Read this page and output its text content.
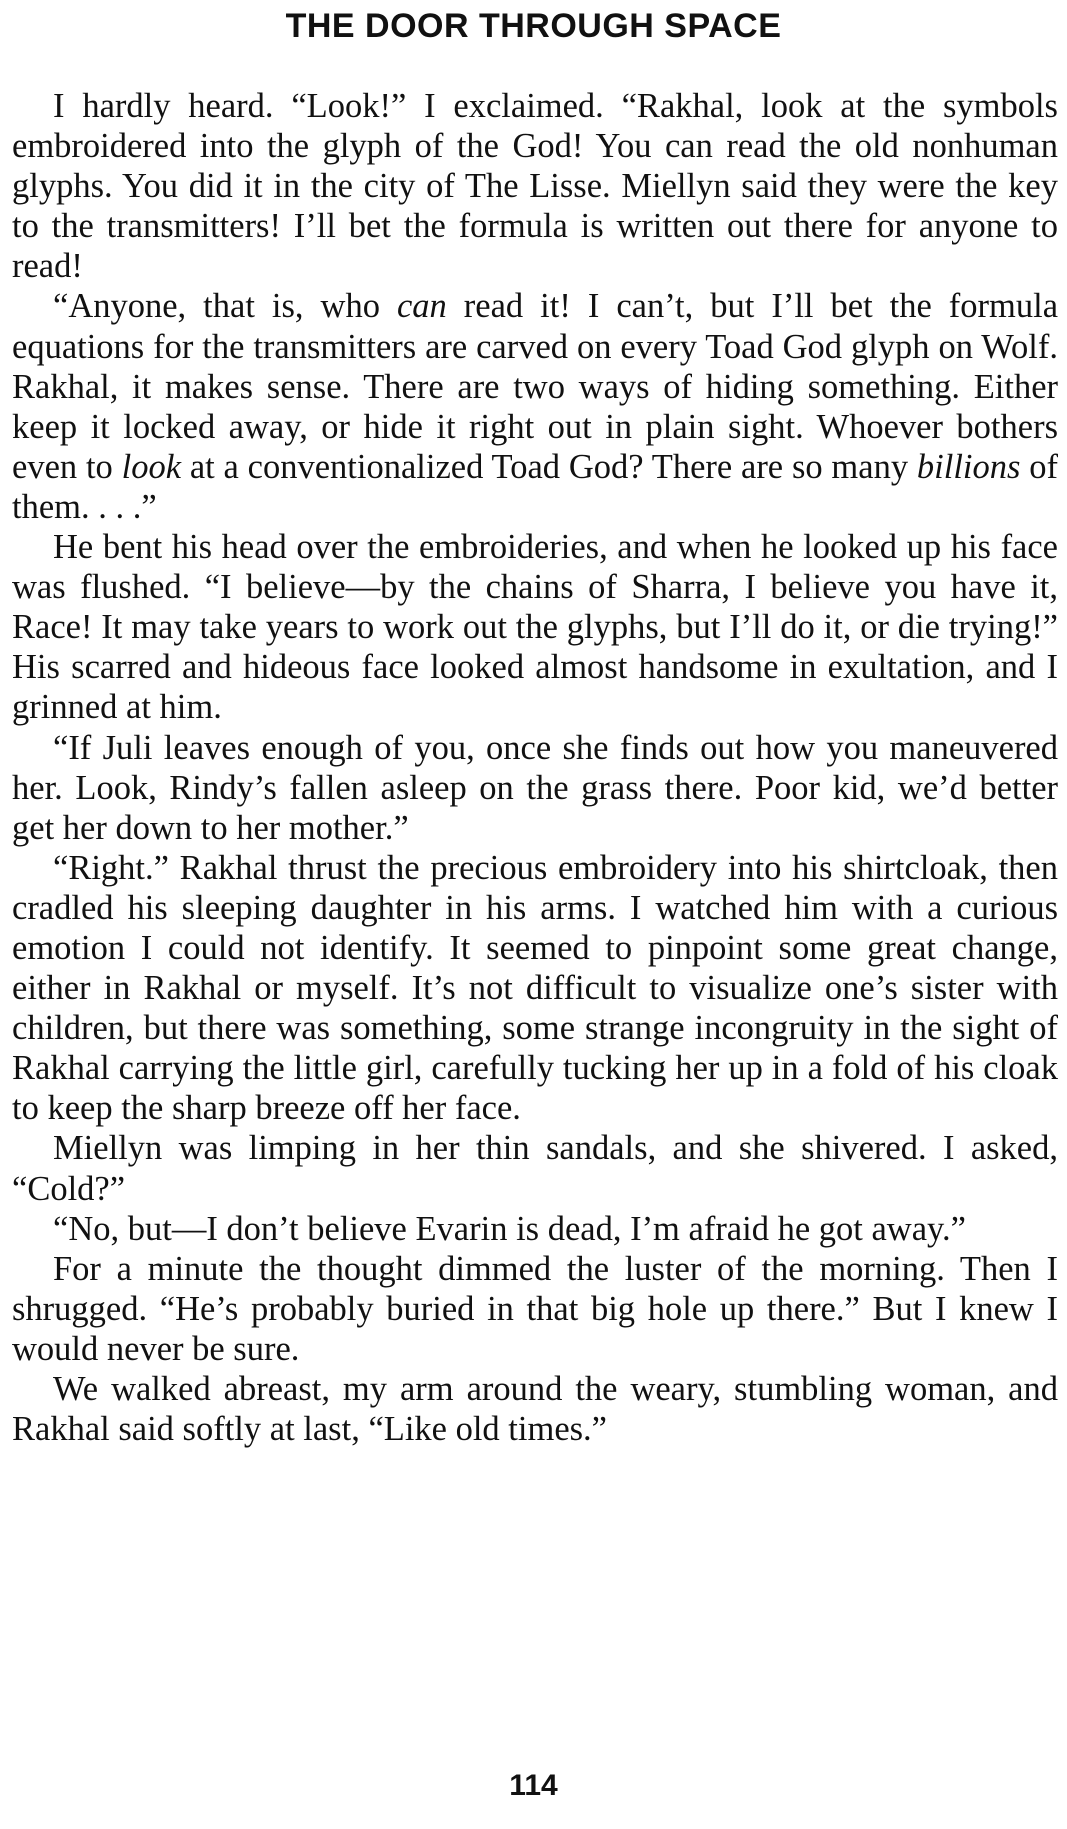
THE DOOR THROUGH SPACE

I hardly heard. “Look!” I exclaimed. “Rakhal, look at the symbols embroidered into the glyph of the God! You can read the old nonhuman glyphs. You did it in the city of The Lisse. Miellyn said they were the key to the transmitters! I’ll bet the formula is written out there for anyone to read!

“Anyone, that is, who can read it! I can’t, but I’ll bet the formula equations for the transmitters are carved on every Toad God glyph on Wolf. Rakhal, it makes sense. There are two ways of hiding something. Either keep it locked away, or hide it right out in plain sight. Whoever bothers even to look at a conventionalized Toad God? There are so many billions of them. . . .”

He bent his head over the embroideries, and when he looked up his face was flushed. “I believe—by the chains of Sharra, I believe you have it, Race! It may take years to work out the glyphs, but I’ll do it, or die trying!” His scarred and hideous face looked almost handsome in exultation, and I grinned at him.

“If Juli leaves enough of you, once she finds out how you maneuvered her. Look, Rindy’s fallen asleep on the grass there. Poor kid, we’d better get her down to her mother.”

“Right.” Rakhal thrust the precious embroidery into his shirtcloak, then cradled his sleeping daughter in his arms. I watched him with a curious emotion I could not identify. It seemed to pinpoint some great change, either in Rakhal or myself. It’s not difficult to visualize one’s sister with children, but there was something, some strange incongruity in the sight of Rakhal carrying the little girl, carefully tucking her up in a fold of his cloak to keep the sharp breeze off her face.

Miellyn was limping in her thin sandals, and she shivered. I asked, “Cold?”

“No, but—I don’t believe Evarin is dead, I’m afraid he got away.”

For a minute the thought dimmed the luster of the morning. Then I shrugged. “He’s probably buried in that big hole up there.” But I knew I would never be sure.

We walked abreast, my arm around the weary, stumbling woman, and Rakhal said softly at last, “Like old times.”

114
